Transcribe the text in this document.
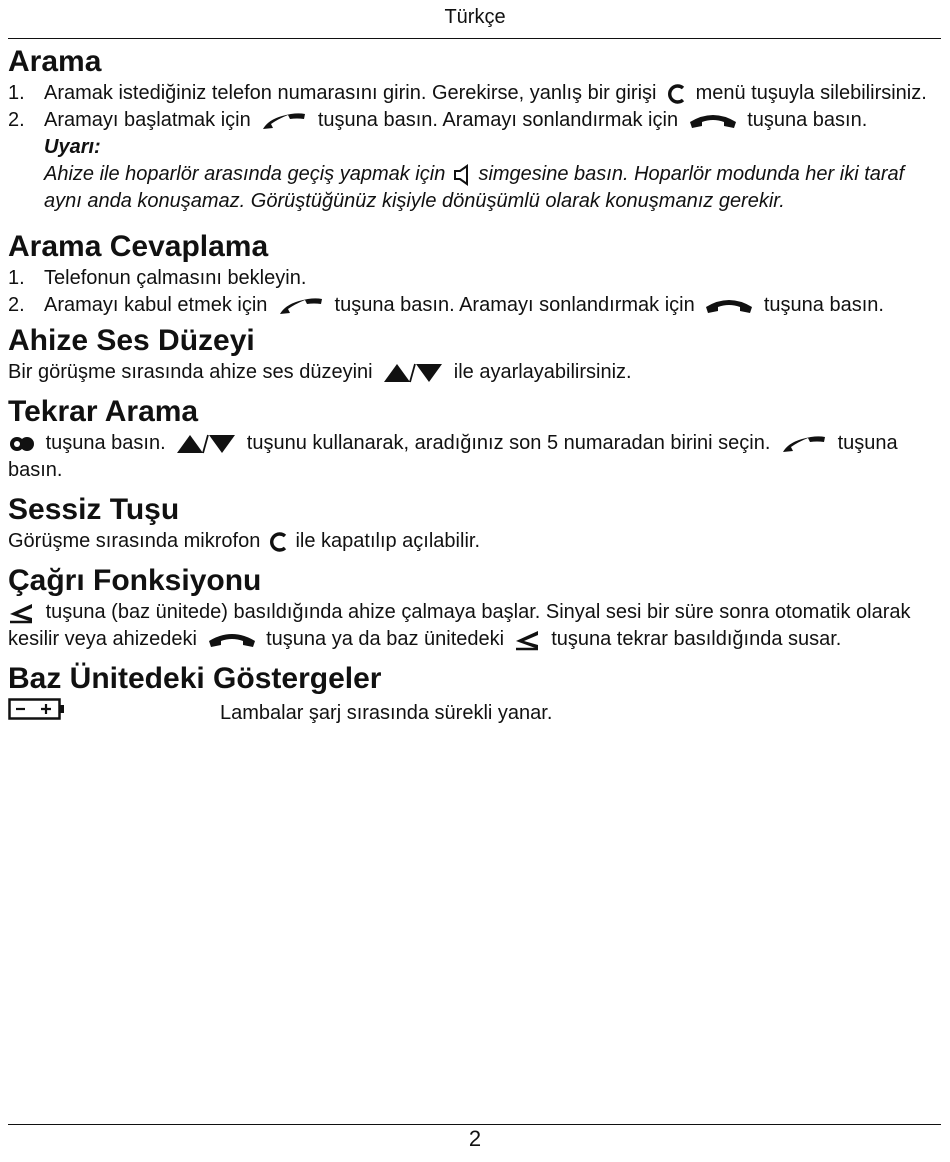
Türkçe
Arama
1. Aramak istediğiniz telefon numarasını girin. Gerekirse, yanlış bir girişi menü tuşuyla silebilirsiniz.
2. Aramayı başlatmak için	tuşuna basın. Aramayı sonlandırmak için	tuşuna basın.
Uyarı:
Ahize ile hoparlör arasında geçiş yapmak için simgesine basın. Hoparlör modunda her iki taraf aynı anda konuşamaz. Görüştüğünüz kişiyle dönüşümlü olarak konuşmanız gerekir.
Arama Cevaplama
1. Telefonun çalmasını bekleyin.
2. Aramayı kabul etmek için	tuşuna basın. Aramayı sonlandırmak için	tuşuna basın.
Ahize Ses Düzeyi

Bir görüşme sırasında ahize ses düzeyini	ile ayarlayabilirsiniz.

Tekrar Arama

tuşuna basın.	tuşunu kullanarak, aradığınız son 5 numaradan birini seçin.	tuşuna basın.

Sessiz Tuşu

Görüşme sırasında mikrofon ile kapatılıp açılabilir.

Çağrı Fonksiyonu

tuşuna (baz ünitede) basıldığında ahize çalmaya başlar. Sinyal sesi bir süre sonra otomatik olarak kesilir veya ahizedeki	tuşuna ya da baz ünitedeki tuşuna tekrar basıldığında susar.

Baz Ünitedeki Göstergeler
Lambalar şarj sırasında sürekli yanar.
2
